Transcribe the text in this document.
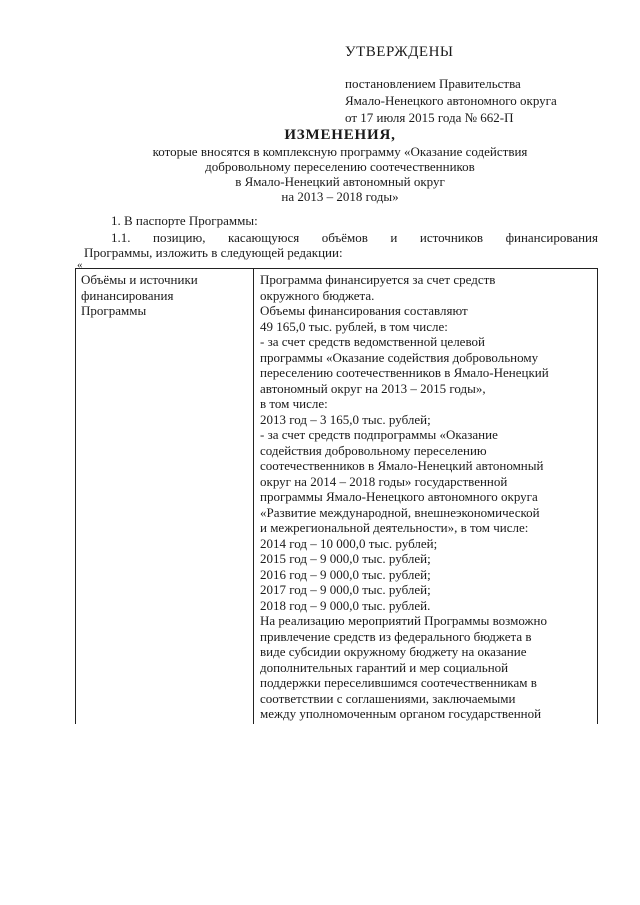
УТВЕРЖДЕНЫ
постановлением Правительства
Ямало-Ненецкого автономного округа
от 17 июля 2015 года № 662-П
ИЗМЕНЕНИЯ,
которые вносятся в комплексную программу «Оказание содействия
добровольному переселению соотечественников
в Ямало-Ненецкий автономный округ
на 2013 – 2018 годы»
1. В паспорте Программы:
1.1. позицию, касающуюся объёмов и источников финансирования
Программы, изложить в следующей редакции:
«
Объёмы и источники
финансирования
Программы
Программа финансируется за счет средств
окружного бюджета.
Объемы финансирования составляют
49 165,0 тыс. рублей, в том числе:
- за счет средств ведомственной целевой
программы «Оказание содействия добровольному
переселению соотечественников в Ямало-Ненецкий
автономный округ на 2013 – 2015 годы»,
в том числе:
2013 год – 3 165,0 тыс. рублей;
- за счет средств подпрограммы «Оказание
содействия добровольному переселению
соотечественников в Ямало-Ненецкий автономный
округ на 2014 – 2018 годы» государственной
программы Ямало-Ненецкого автономного округа
«Развитие международной, внешнеэкономической
и межрегиональной деятельности», в том числе:
2014 год – 10 000,0 тыс. рублей;
2015 год – 9 000,0 тыс. рублей;
2016 год – 9 000,0 тыс. рублей;
2017 год – 9 000,0 тыс. рублей;
2018 год – 9 000,0 тыс. рублей.
На реализацию мероприятий Программы возможно
привлечение средств из федерального бюджета в
виде субсидии окружному бюджету на оказание
дополнительных гарантий и мер социальной
поддержки переселившимся соотечественникам в
соответствии с соглашениями, заключаемыми
между уполномоченным органом государственной
